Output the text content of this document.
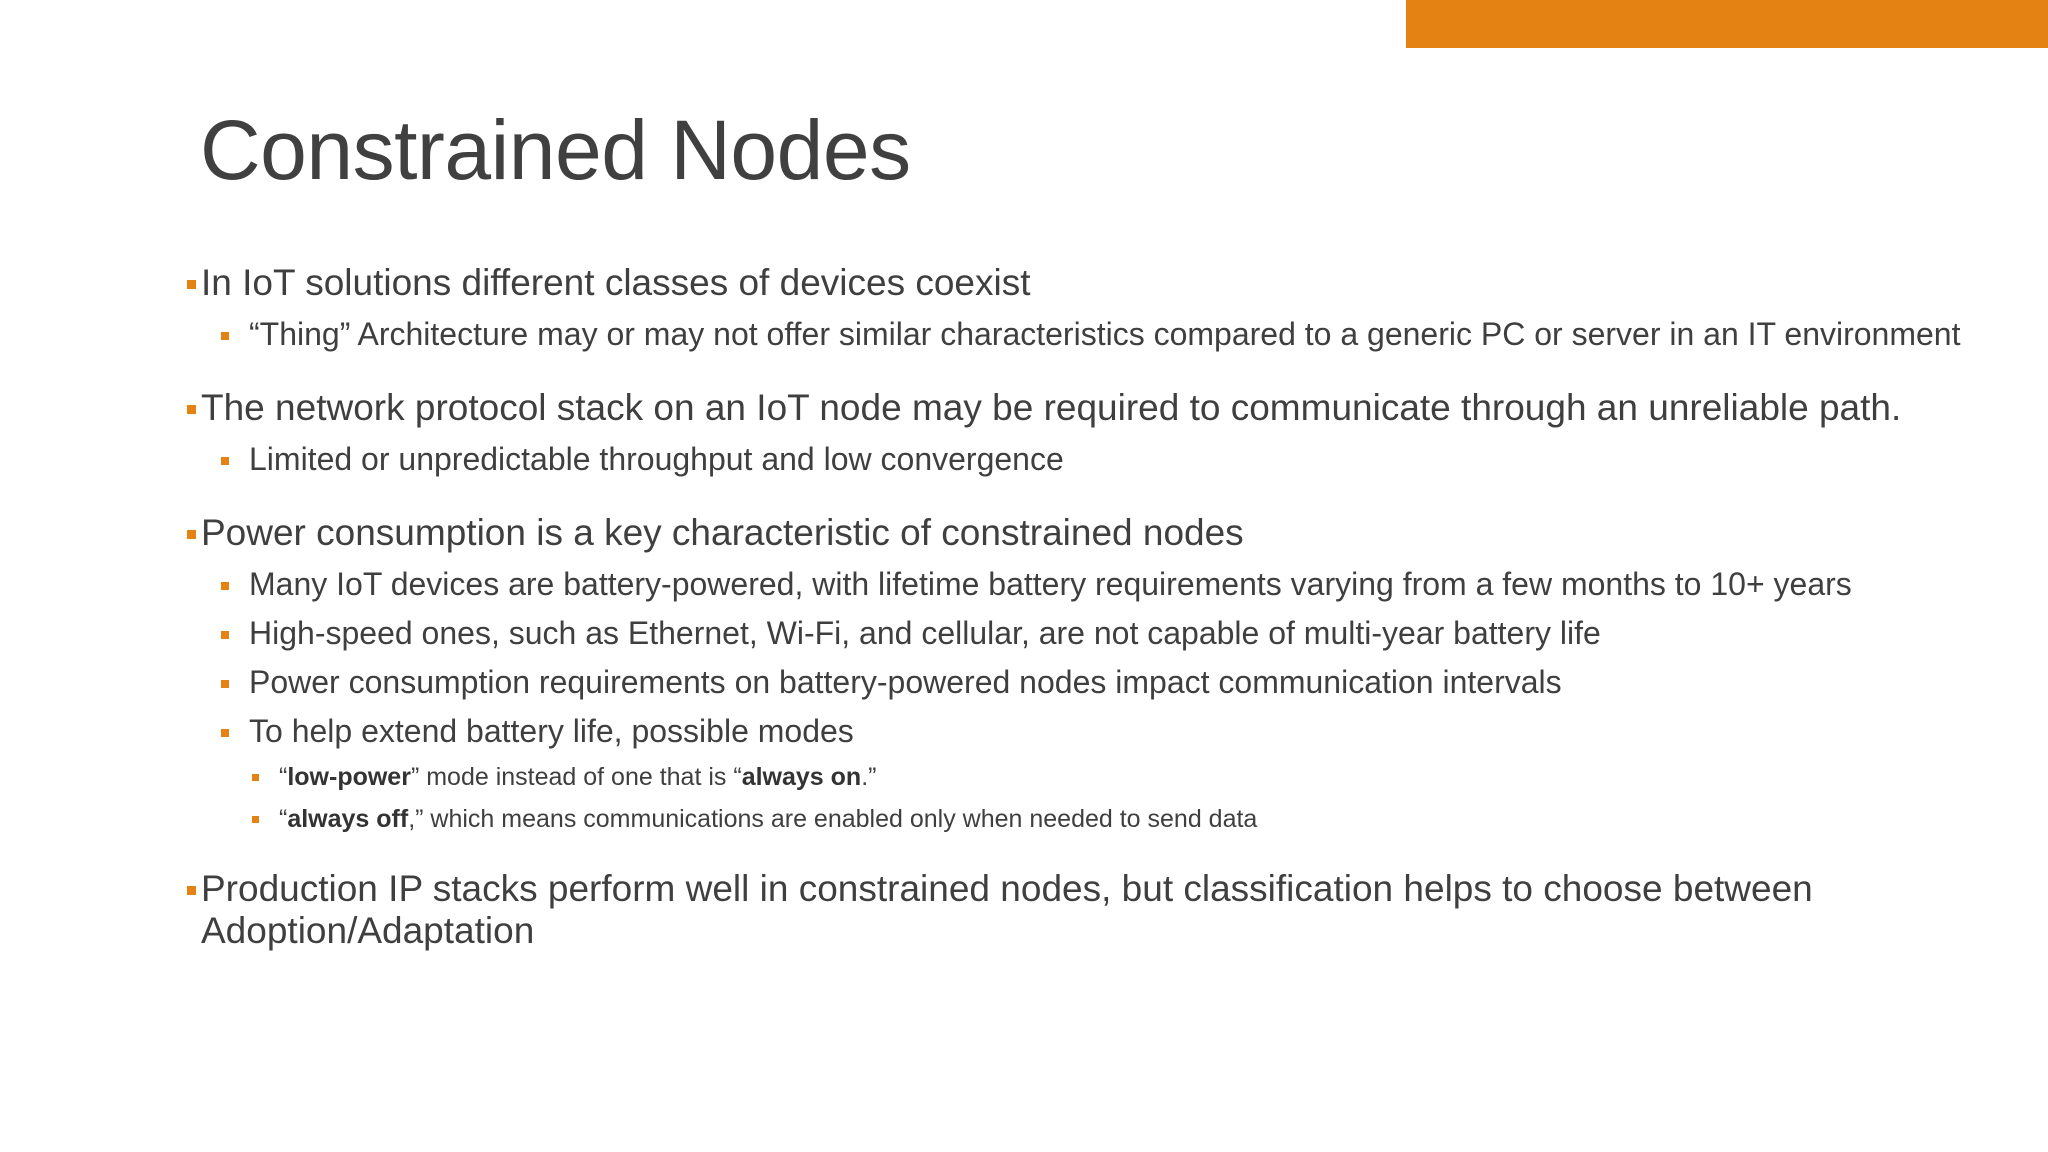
Constrained Nodes
In IoT solutions different classes of devices coexist
“Thing” Architecture may or may not offer similar characteristics compared to a generic PC or server in an IT environment
The network protocol stack on an IoT node may be required to communicate through an unreliable path.
Limited or unpredictable throughput and low convergence
Power consumption is a key characteristic of constrained nodes
Many IoT devices are battery-powered, with lifetime battery requirements varying from a few months to 10+ years
High-speed ones, such as Ethernet, Wi-Fi, and cellular, are not capable of multi-year battery life
Power consumption requirements on battery-powered nodes impact communication intervals
To help extend battery life, possible modes
“low-power” mode instead of one that is “always on.”
“always off,” which means communications are enabled only when needed to send data
Production IP stacks perform well in constrained nodes, but classification helps to choose between Adoption/Adaptation
